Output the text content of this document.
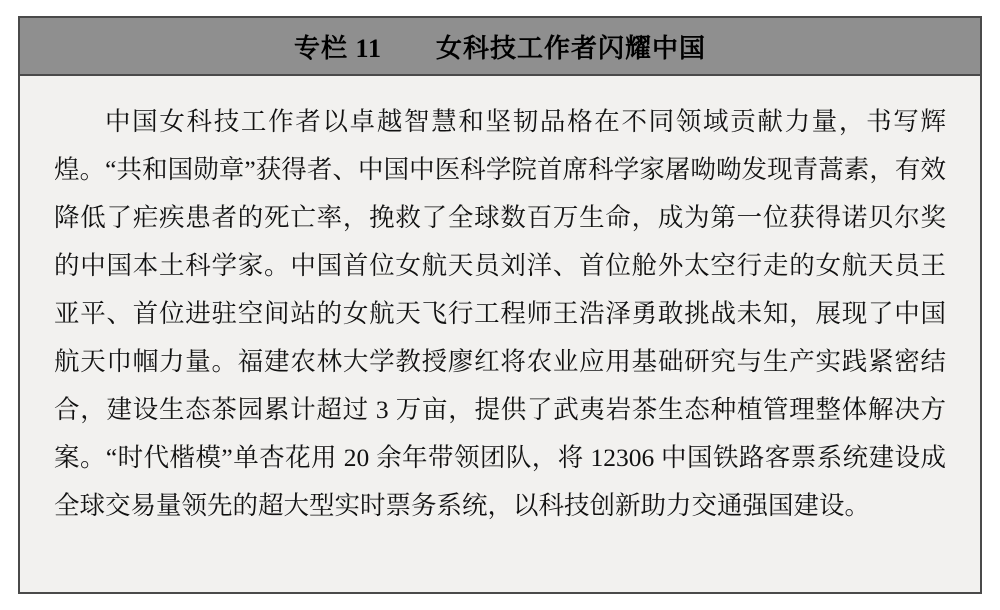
专栏 11　　女科技工作者闪耀中国

中国女科技工作者以卓越智慧和坚韧品格在不同领域贡献力量，书写辉煌。“共和国勋章”获得者、中国中医科学院首席科学家屠呦呦发现青蒿素，有效降低了疟疾患者的死亡率，挽救了全球数百万生命，成为第一位获得诺贝尔奖的中国本土科学家。中国首位女航天员刘洋、首位舱外太空行走的女航天员王亚平、首位进驻空间站的女航天飞行工程师王浩泽勇敢挑战未知，展现了中国航天巾帼力量。福建农林大学教授廖红将农业应用基础研究与生产实践紧密结合，建设生态茶园累计超过 3 万亩，提供了武夷岩茶生态种植管理整体解决方案。“时代楷模”单杏花用 20 余年带领团队，将 12306 中国铁路客票系统建设成全球交易量领先的超大型实时票务系统，以科技创新助力交通强国建设。
